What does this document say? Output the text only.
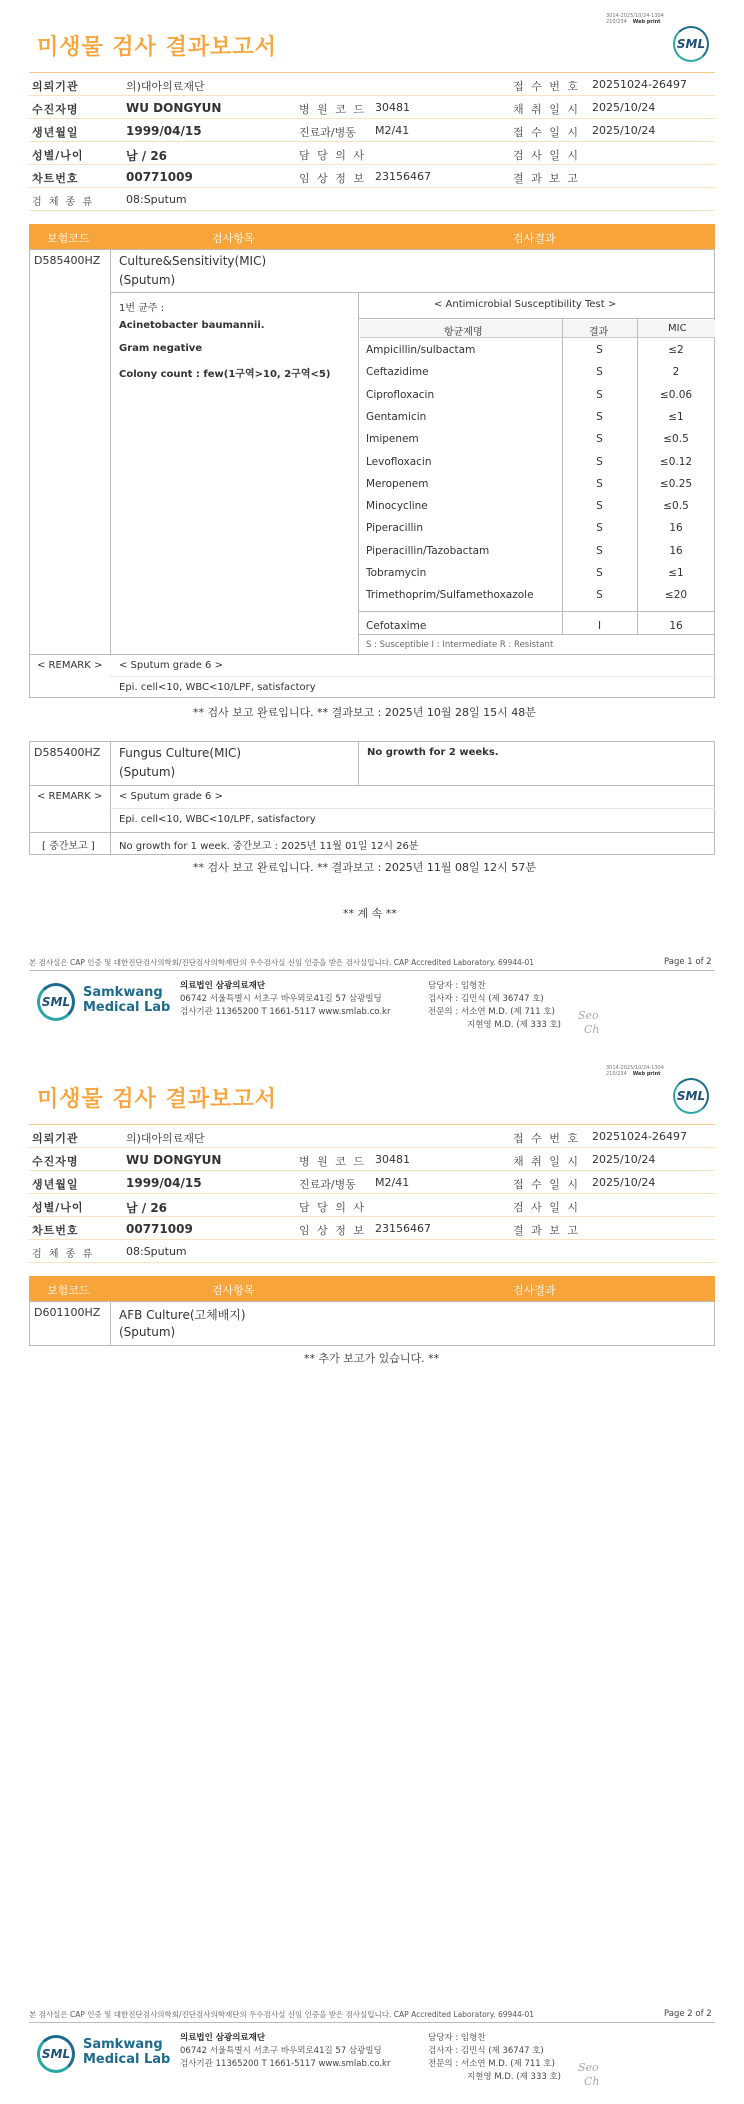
3014-2025/10/24-1304
210/234 Web print
미생물 검사 결과보고서	SML
의뢰기관	의)대아의료재단	접 수 번 호 20251024-26497
수진자명	WU DONGYUN	병 원 코 드 30481	채 취 일 시 2025/10/24
생년월일	1999/04/15	진료과/병동 M2/41	접 수 일 시 2025/10/24
성별/나이	남 / 26	담 당 의 사	검 사 일 시
차트번호	00771009	임 상 정 보 23156467	결 과 보 고
검 체 종 류	08:Sputum
보험코드	검사항목	검사결과
D585400HZ Culture&Sensitivity(MIC)
(Sputum)
1번 균주 :
Acinetobacter baumannii.
Gram negative
Colony count : few(1구역>10, 2구역<5)
< Antimicrobial Susceptibility Test >
항균제명	결과	MIC
Ampicillin/sulbactam	S	≤2
Ceftazidime	S	2
Ciprofloxacin	S	≤0.06
Gentamicin	S	≤1
Imipenem	S	≤0.5
Levofloxacin	S	≤0.12
Meropenem	S	≤0.25
Minocycline	S	≤0.5
Piperacillin	S	16
Piperacillin/Tazobactam	S	16
Tobramycin	S	≤1
Trimethoprim/Sulfamethoxazole	S	≤20
Cefotaxime	I	16
S : Susceptible I : Intermediate R : Resistant
< REMARK > < Sputum grade 6 >
Epi. cell<10, WBC<10/LPF, satisfactory
** 검사 보고 완료입니다. ** 결과보고 : 2025년 10월 28일 15시 48분
D585400HZ Fungus Culture(MIC)
(Sputum)
No growth for 2 weeks.
< REMARK > < Sputum grade 6 >
Epi. cell<10, WBC<10/LPF, satisfactory
[ 중간보고 ] No growth for 1 week. 중간보고 : 2025년 11월 01일 12시 26분
** 검사 보고 완료입니다. ** 결과보고 : 2025년 11월 08일 12시 57분
** 계 속 **
본 검사실은 CAP 인증 및 대한진단검사의학회/진단검사의학재단의 우수검사실 신임 인증을 받은 검사실입니다. CAP Accredited Laboratory. 69944-01	Page 1 of 2
SML
Samkwang
Medical Lab
의료법인 삼광의료재단
06742 서울특별시 서초구 바우뫼로41길 57 삼광빌딩
검사기관 11365200 T 1661-5117 www.smlab.co.kr
담당자 : 임형찬
검사자 : 김민식 (제 36747 호)
전문의 : 서소연 M.D. (제 711 호)
지현영 M.D. (제 333 호)
Seo
Ch
3014-2025/10/24-1304
210/234 Web print
미생물 검사 결과보고서	SML
의뢰기관	의)대아의료재단	접 수 번 호 20251024-26497
수진자명	WU DONGYUN	병 원 코 드 30481	채 취 일 시 2025/10/24
생년월일	1999/04/15	진료과/병동 M2/41	접 수 일 시 2025/10/24
성별/나이	남 / 26	담 당 의 사	검 사 일 시
차트번호	00771009	임 상 정 보 23156467	결 과 보 고
검 체 종 류	08:Sputum
보험코드	검사항목	검사결과
D601100HZ AFB Culture(고체배지)
(Sputum)
** 추가 보고가 있습니다. **
본 검사실은 CAP 인증 및 대한진단검사의학회/진단검사의학재단의 우수검사실 신임 인증을 받은 검사실입니다. CAP Accredited Laboratory. 69944-01	Page 2 of 2
SML
Samkwang
Medical Lab
의료법인 삼광의료재단
06742 서울특별시 서초구 바우뫼로41길 57 삼광빌딩
검사기관 11365200 T 1661-5117 www.smlab.co.kr
담당자 : 임형찬
검사자 : 김민식 (제 36747 호)
전문의 : 서소연 M.D. (제 711 호)
지현영 M.D. (제 333 호)
Seo
Ch
